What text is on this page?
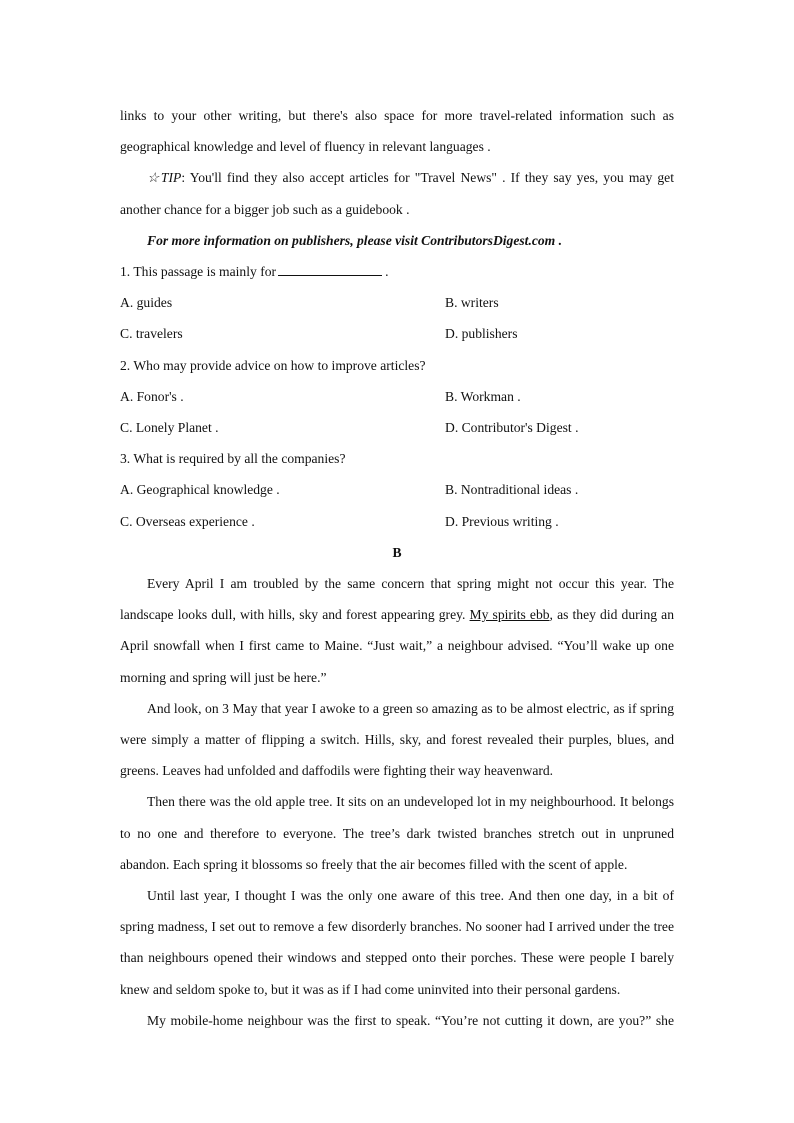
links to your other writing, but there's also space for more travel-related information such as geographical knowledge and level of fluency in relevant languages .

☆TIP: You'll find they also accept articles for "Travel News" . If they say yes, you may get another chance for a bigger job such as a guidebook .

For more information on publishers, please visit ContributorsDigest.com .

1. This passage is mainly for	.

A. guides	B. writers
C. travelers	D. publishers

2. Who may provide advice on how to improve articles?

A. Fonor's .	B. Workman .
C. Lonely Planet .	D. Contributor's Digest .

3. What is required by all the companies?

A. Geographical knowledge .	B. Nontraditional ideas .
C. Overseas experience .	D. Previous writing .

B

Every April I am troubled by the same concern that spring might not occur this year. The landscape looks dull, with hills, sky and forest appearing grey. My spirits ebb, as they did during an April snowfall when I first came to Maine. “Just wait,” a neighbour advised. “You’ll wake up one morning and spring will just be here.”

And look, on 3 May that year I awoke to a green so amazing as to be almost electric, as if spring were simply a matter of flipping a switch. Hills, sky, and forest revealed their purples, blues, and greens. Leaves had unfolded and daffodils were fighting their way heavenward.

Then there was the old apple tree. It sits on an undeveloped lot in my neighbourhood. It belongs to no one and therefore to everyone. The tree’s dark twisted branches stretch out in unpruned abandon. Each spring it blossoms so freely that the air becomes filled with the scent of apple.

Until last year, I thought I was the only one aware of this tree. And then one day, in a bit of spring madness, I set out to remove a few disorderly branches. No sooner had I arrived under the tree than neighbours opened their windows and stepped onto their porches. These were people I barely knew and seldom spoke to, but it was as if I had come uninvited into their personal gardens.

My mobile-home neighbour was the first to speak. “You’re not cutting it down, are you?” she
